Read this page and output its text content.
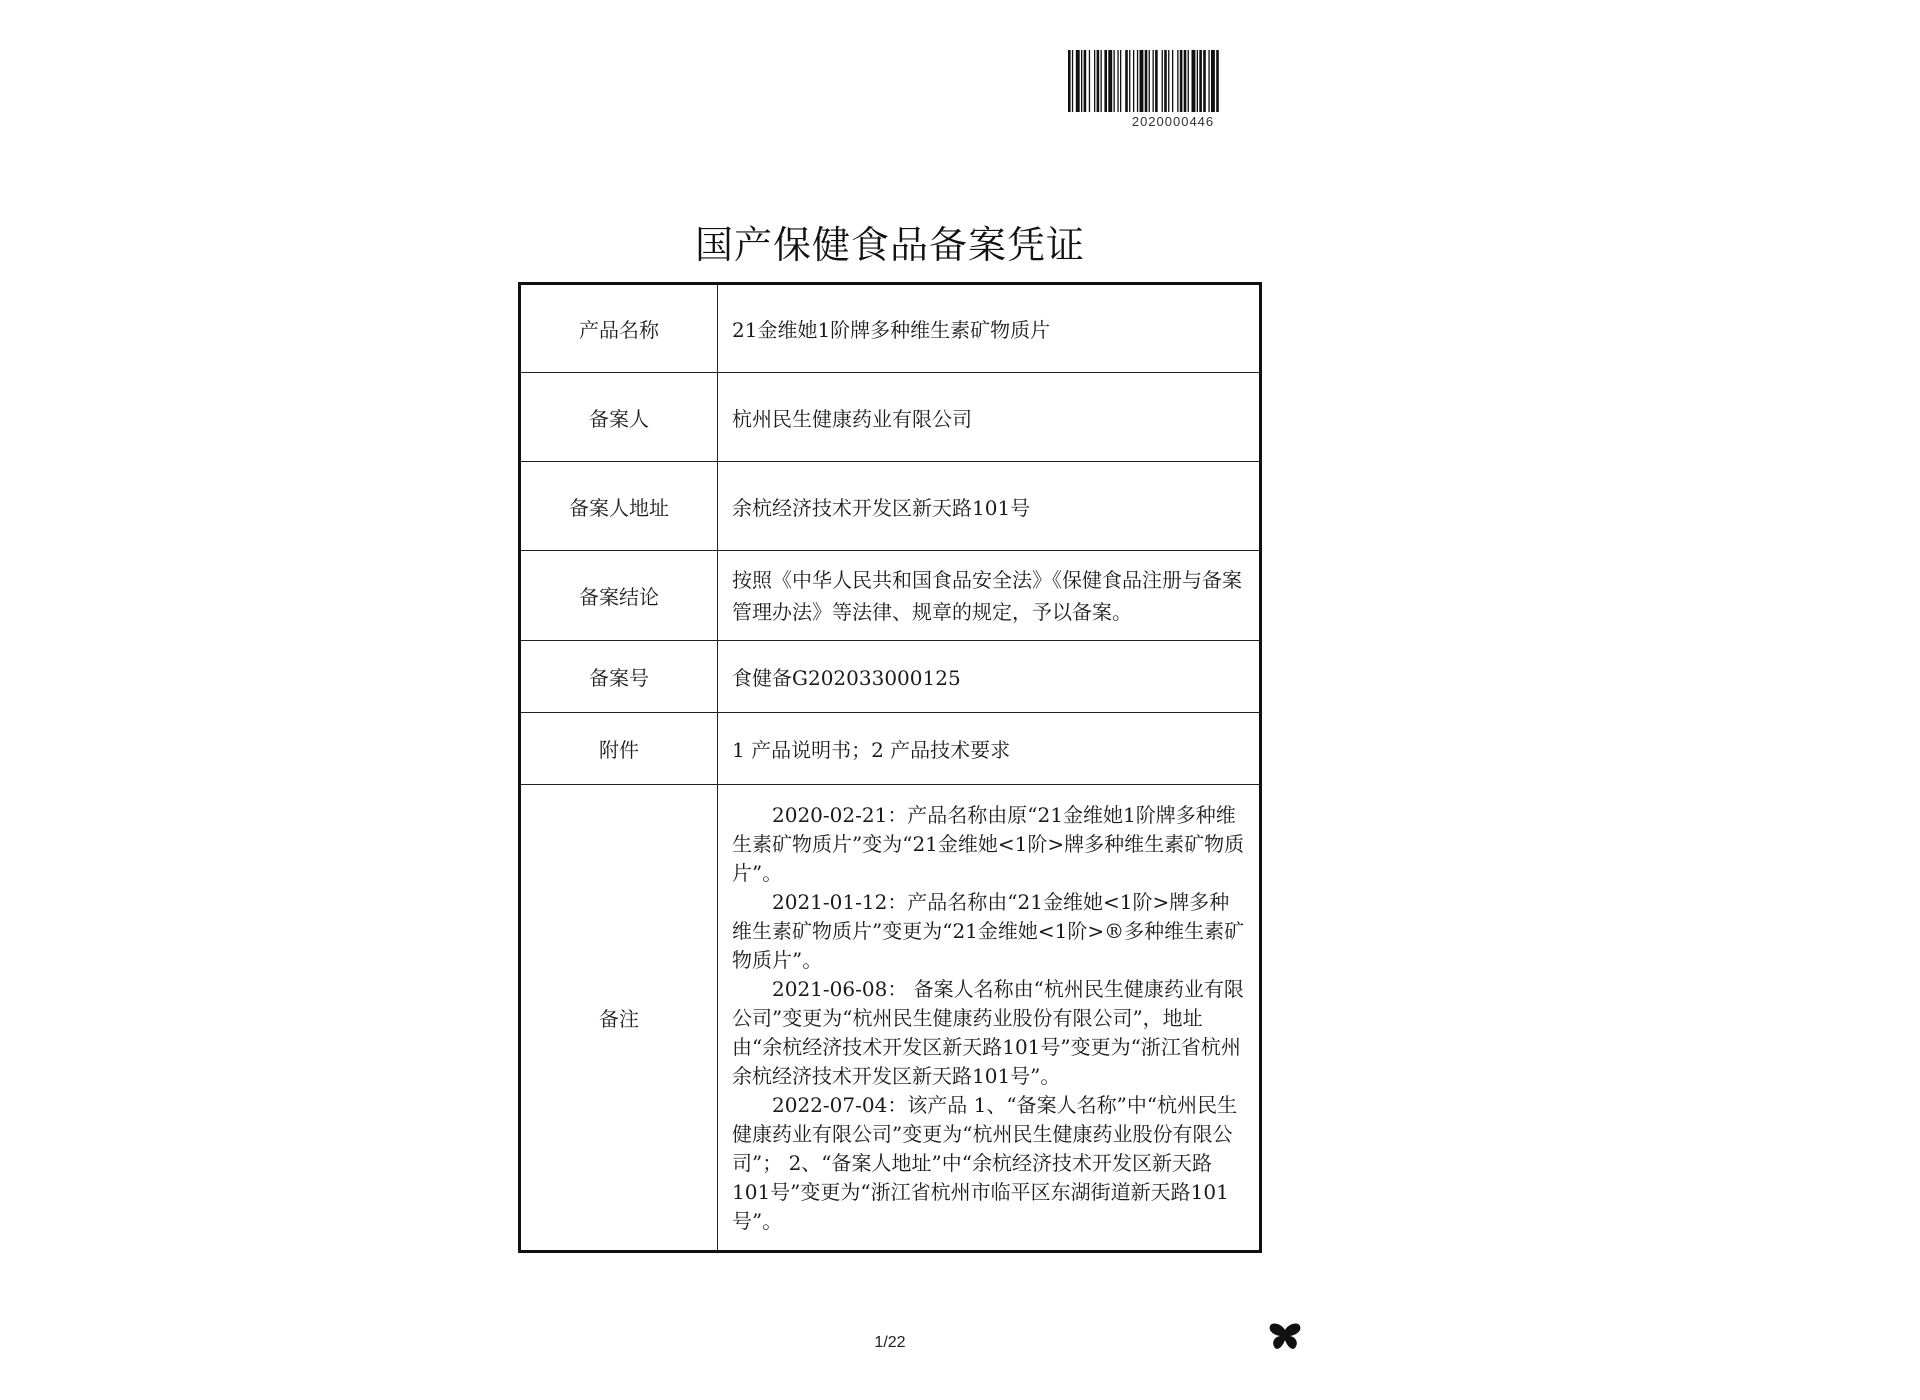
2020000446
国产保健食品备案凭证
产品名称	21金维她1阶牌多种维生素矿物质片
备案人	杭州民生健康药业有限公司
备案人地址	余杭经济技术开发区新天路101号
备案结论	按照《中华人民共和国食品安全法》《保健食品注册与备案管理办法》等法律、规章的规定，予以备案。
备案号	食健备G202033000125
附件	1 产品说明书；2 产品技术要求
备注	2020-02-21：产品名称由原“21金维她1阶牌多种维生素矿物质片”变为“21金维她<1阶>牌多种维生素矿物质片”。

2021-01-12：产品名称由“21金维她<1阶>牌多种维生素矿物质片”变更为“21金维她<1阶>®多种维生素矿物质片”。

2021-06-08： 备案人名称由“杭州民生健康药业有限公司”变更为“杭州民生健康药业股份有限公司”，地址由“余杭经济技术开发区新天路101号”变更为“浙江省杭州余杭经济技术开发区新天路101号”。

2022-07-04：该产品 1、“备案人名称”中“杭州民生健康药业有限公司”变更为“杭州民生健康药业股份有限公司”； 2、“备案人地址”中“余杭经济技术开发区新天路101号”变更为“浙江省杭州市临平区东湖街道新天路101号”。

1/22
